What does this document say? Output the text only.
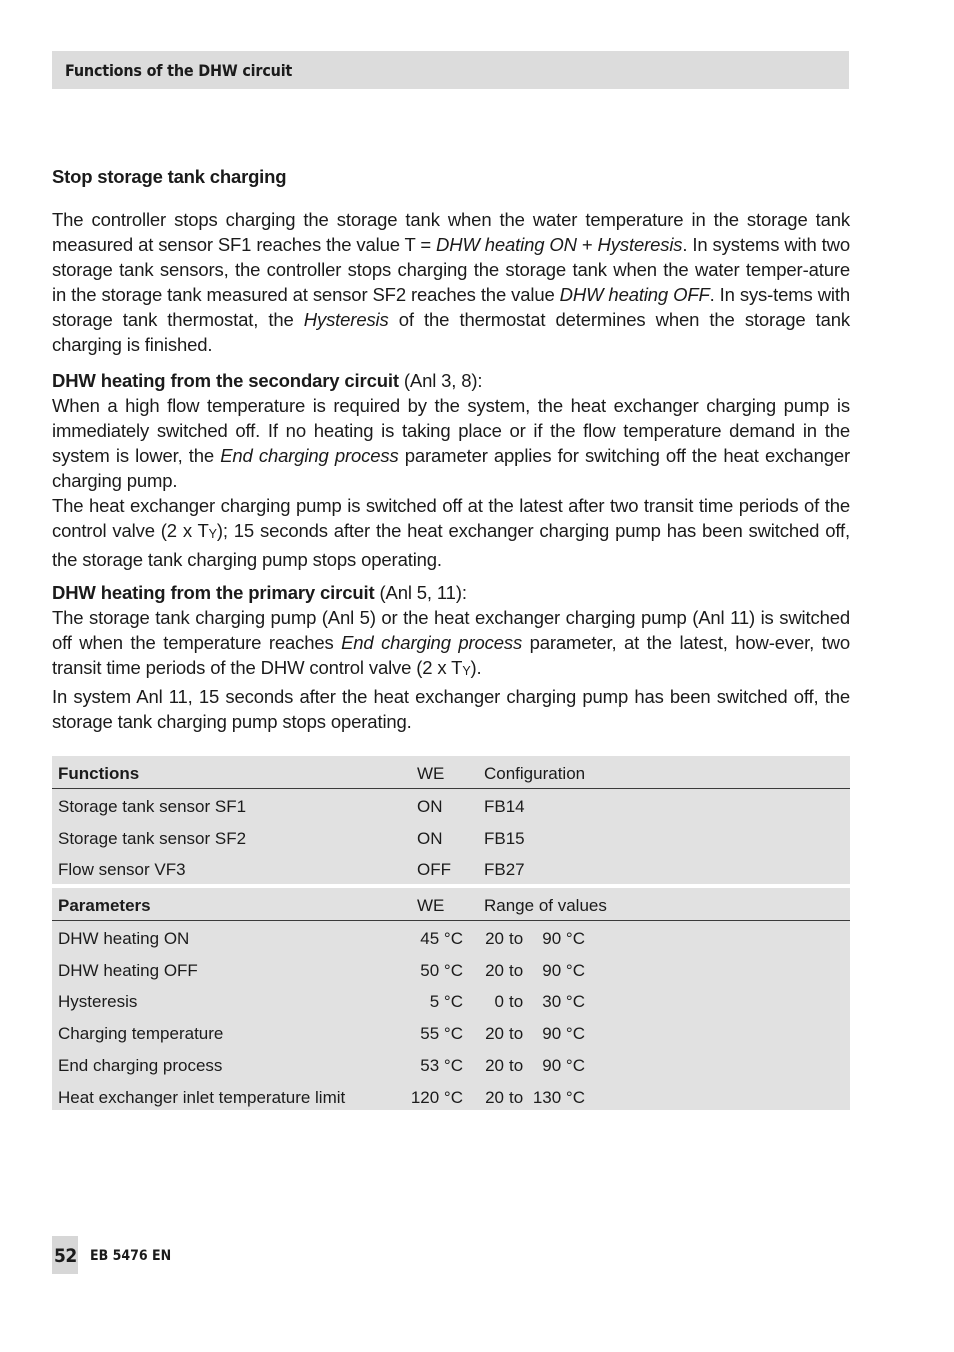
Functions of the DHW circuit
Stop storage tank charging

The controller stops charging the storage tank when the water temperature in the storage tank measured at sensor SF1 reaches the value T = DHW heating ON + Hysteresis. In systems with two storage tank sensors, the controller stops charging the storage tank when the water temper-ature in the storage tank measured at sensor SF2 reaches the value DHW heating OFF. In sys-tems with storage tank thermostat, the Hysteresis of the thermostat determines when the storage tank charging is finished.

DHW heating from the secondary circuit (Anl 3, 8):
When a high flow temperature is required by the system, the heat exchanger charging pump is immediately switched off. If no heating is taking place or if the flow temperature demand in the system is lower, the End charging process parameter applies for switching off the heat exchanger charging pump.

The heat exchanger charging pump is switched off at the latest after two transit time periods of the control valve (2 x TY); 15 seconds after the heat exchanger charging pump has been switched off, the storage tank charging pump stops operating.

DHW heating from the primary circuit (Anl 5, 11):
The storage tank charging pump (Anl 5) or the heat exchanger charging pump (Anl 11) is switched off when the temperature reaches End charging process parameter, at the latest, how-ever, two transit time periods of the DHW control valve (2 x TY).

In system Anl 11, 15 seconds after the heat exchanger charging pump has been switched off, the storage tank charging pump stops operating.

Functions	WE Configuration
Storage tank sensor SF1	ON FB14
Storage tank sensor SF2	ON FB15
Flow sensor VF3	OFF FB27
Parameters	WE Range of values
DHW heating ON	45 °C 20 to 90 °C
DHW heating OFF	50 °C 20 to 90 °C
Hysteresis	5 °C	0 to 30 °C
Charging temperature	55 °C 20 to 90 °C
End charging process	53 °C 20 to 90 °C
Heat exchanger inlet temperature limit	120 °C 20 to 130 °C
52 EB 5476 EN
